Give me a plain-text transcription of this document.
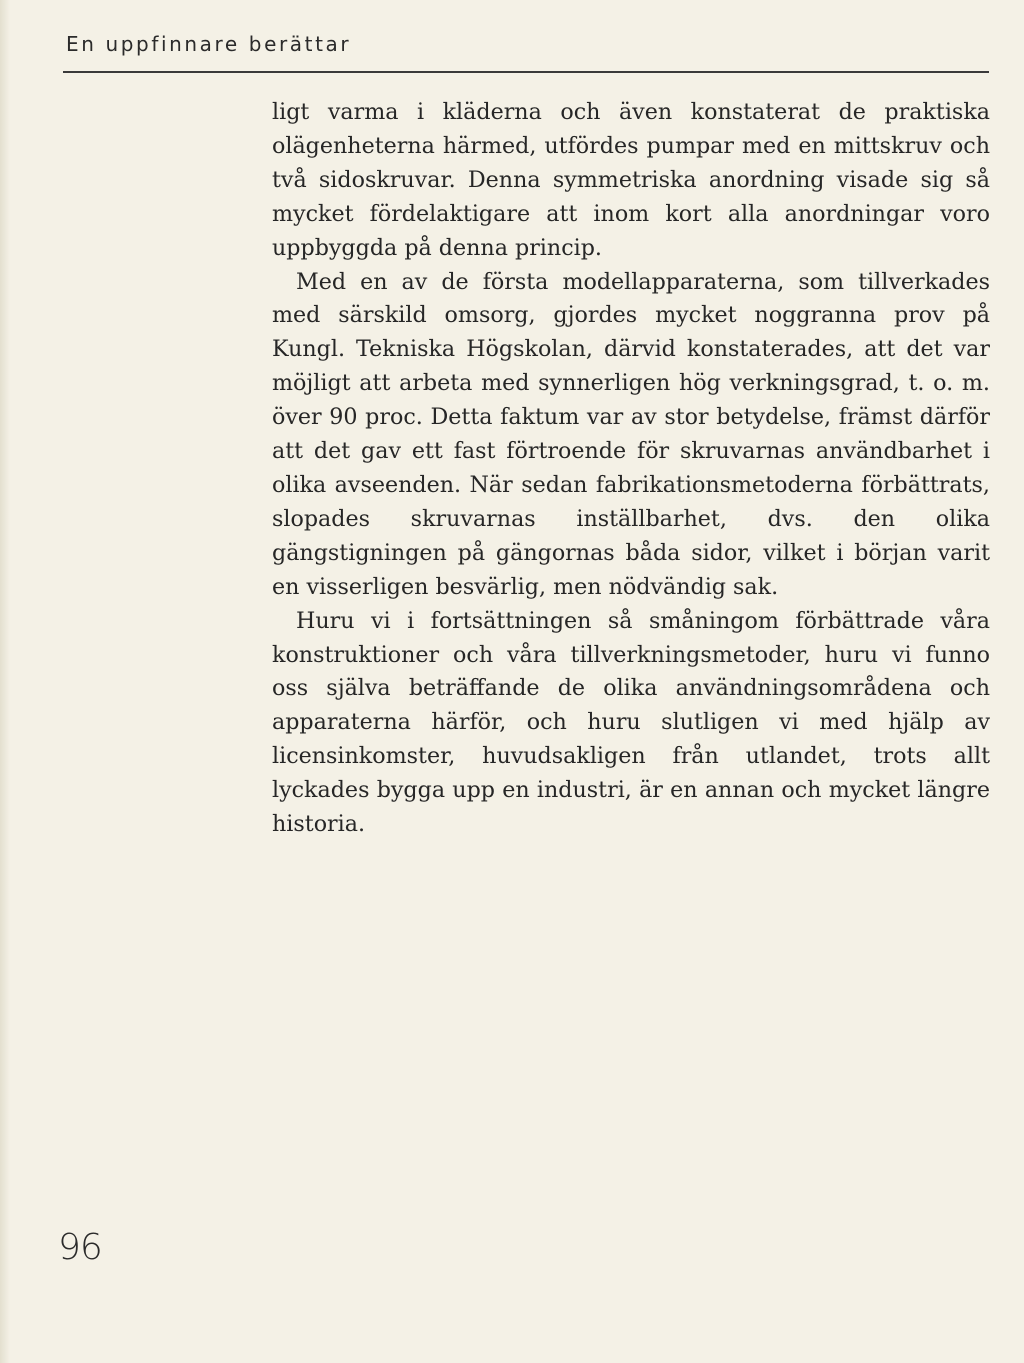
En uppfinnare berättar

ligt varma i kläderna och även konstaterat de praktiska olägenheterna härmed, utfördes pumpar med en mittskruv och två sidoskruvar. Denna symmetriska anordning visade sig så mycket fördelaktigare att inom kort alla anordningar voro uppbyggda på denna princip.

Med en av de första modellapparaterna, som tillverkades med särskild omsorg, gjordes mycket noggranna prov på Kungl. Tekniska Högskolan, därvid konstaterades, att det var möjligt att arbeta med synnerligen hög verkningsgrad, t. o. m. över 90 proc. Detta faktum var av stor betydelse, främst därför att det gav ett fast förtroende för skruvarnas användbarhet i olika avseenden. När sedan fabrikationsmetoderna förbättrats, slopades skruvarnas inställbarhet, dvs. den olika gängstigningen på gängornas båda sidor, vilket i början varit en visserligen besvärlig, men nödvändig sak.

Huru vi i fortsättningen så småningom förbättrade våra konstruktioner och våra tillverkningsmetoder, huru vi funno oss själva beträffande de olika användningsområdena och apparaterna härför, och huru slutligen vi med hjälp av licensinkomster, huvudsakligen från utlandet, trots allt lyckades bygga upp en industri, är en annan och mycket längre historia.

96
